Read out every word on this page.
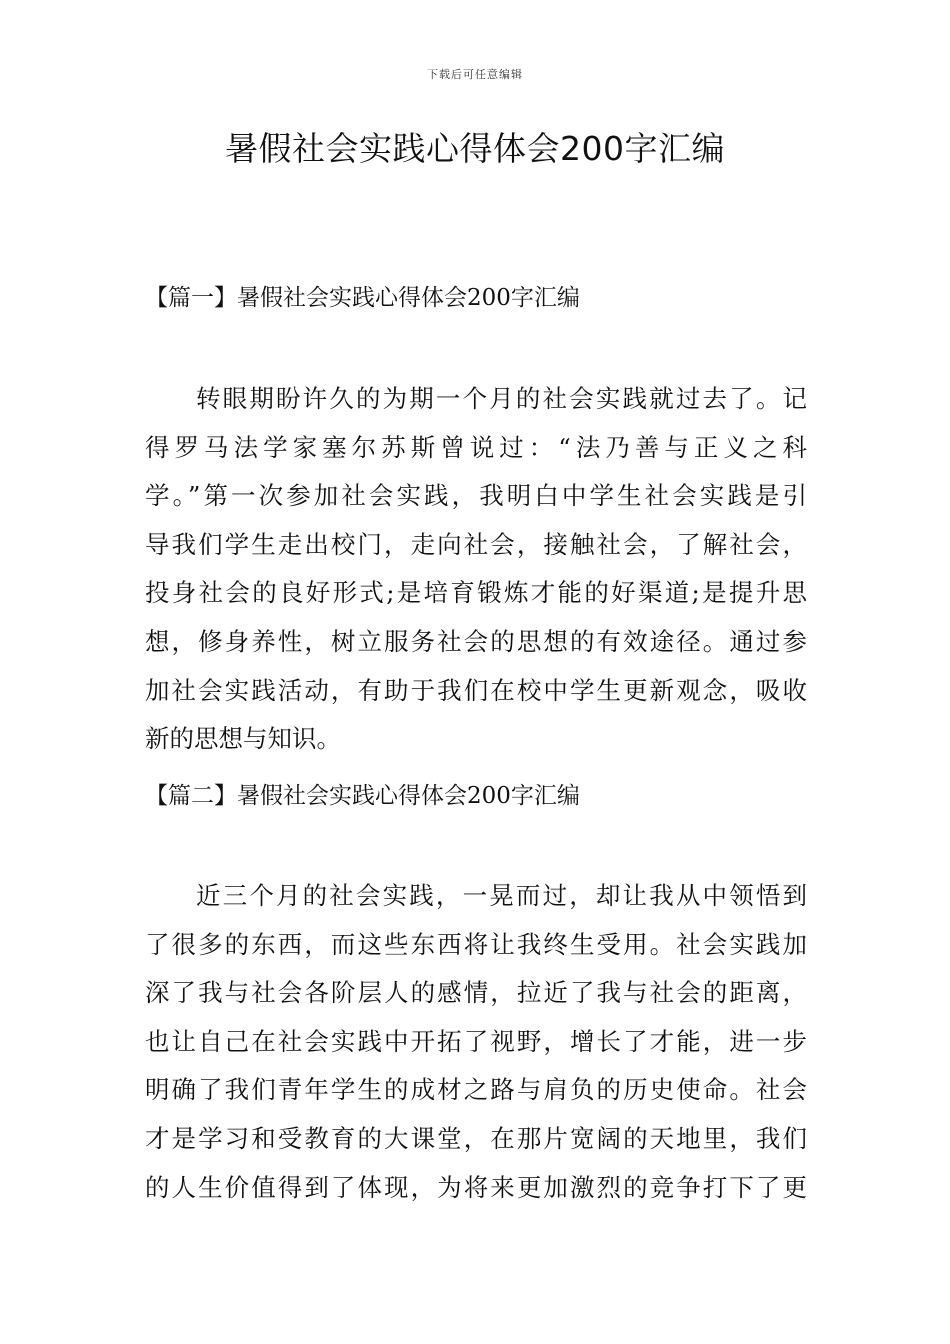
下载后可任意编辑
暑假社会实践心得体会200字汇编
【篇一】暑假社会实践心得体会200字汇编
转眼期盼许久的为期一个月的社会实践就过去了。记
得罗马法学家塞尔苏斯曾说过：“法乃善与正义之科
学。”第一次参加社会实践，我明白中学生社会实践是引
导我们学生走出校门，走向社会，接触社会，了解社会，
投身社会的良好形式;是培育锻炼才能的好渠道;是提升思
想，修身养性，树立服务社会的思想的有效途径。通过参
加社会实践活动，有助于我们在校中学生更新观念，吸收
新的思想与知识。
【篇二】暑假社会实践心得体会200字汇编
近三个月的社会实践，一晃而过，却让我从中领悟到
了很多的东西，而这些东西将让我终生受用。社会实践加
深了我与社会各阶层人的感情，拉近了我与社会的距离，
也让自己在社会实践中开拓了视野，增长了才能，进一步
明确了我们青年学生的成材之路与肩负的历史使命。社会
才是学习和受教育的大课堂，在那片宽阔的天地里，我们
的人生价值得到了体现，为将来更加激烈的竞争打下了更
